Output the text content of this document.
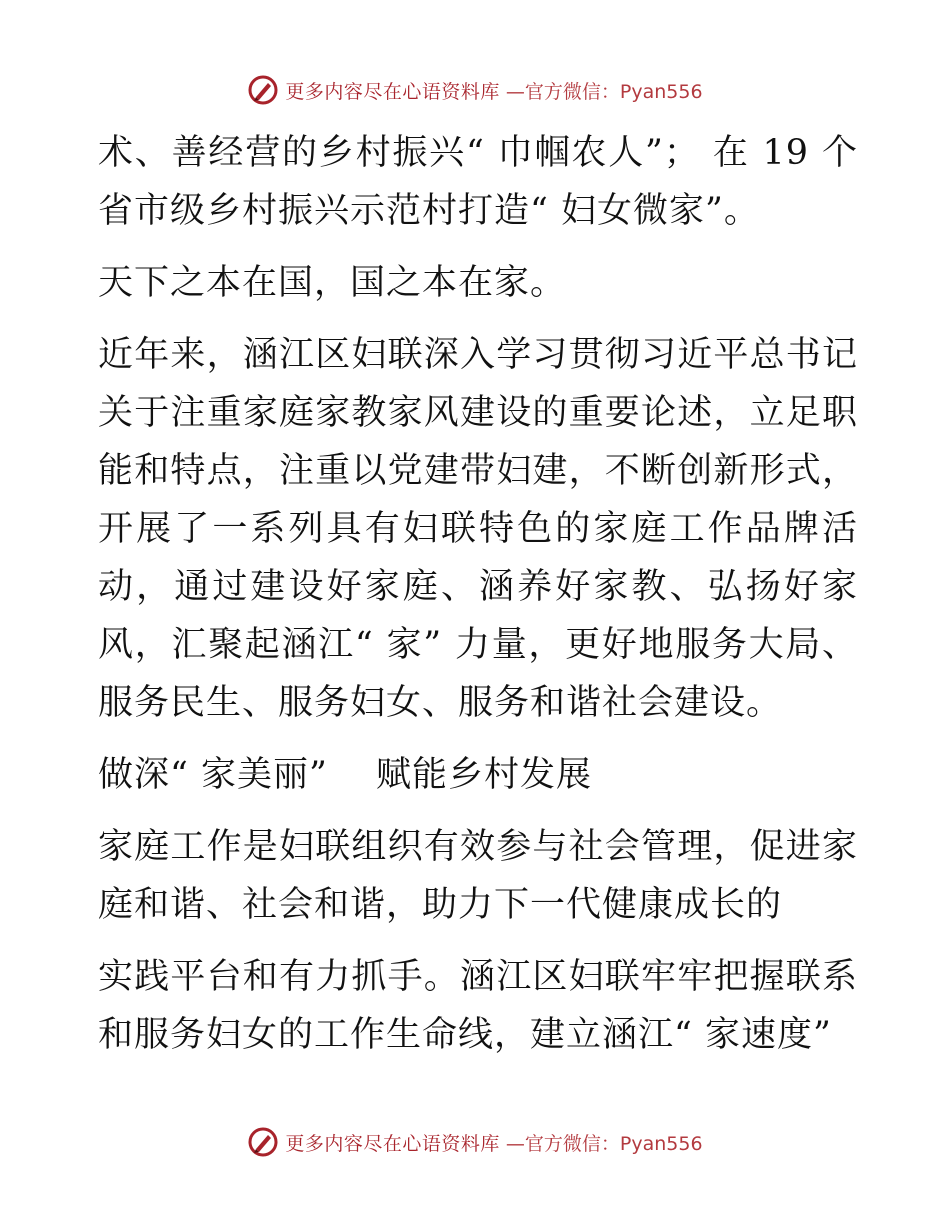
更多内容尽在心语资料库 —官方微信：Pyan556

术、善经营的乡村振兴“ 巾帼农人”； 在 19 个省市级乡村振兴示范村打造“ 妇女微家”。

天下之本在国，国之本在家。

近年来，涵江区妇联深入学习贯彻习近平总书记关于注重家庭家教家风建设的重要论述，立足职能和特点，注重以党建带妇建，不断创新形式，开展了一系列具有妇联特色的家庭工作品牌活动，通过建设好家庭、涵养好家教、弘扬好家风，汇聚起涵江“ 家” 力量，更好地服务大局、服务民生、服务妇女、服务和谐社会建设。

做深“ 家美丽”　 赋能乡村发展

家庭工作是妇联组织有效参与社会管理，促进家庭和谐、社会和谐，助力下一代健康成长的

实践平台和有力抓手。涵江区妇联牢牢把握联系和服务妇女的工作生命线，建立涵江“ 家速度”

更多内容尽在心语资料库 —官方微信：Pyan556
